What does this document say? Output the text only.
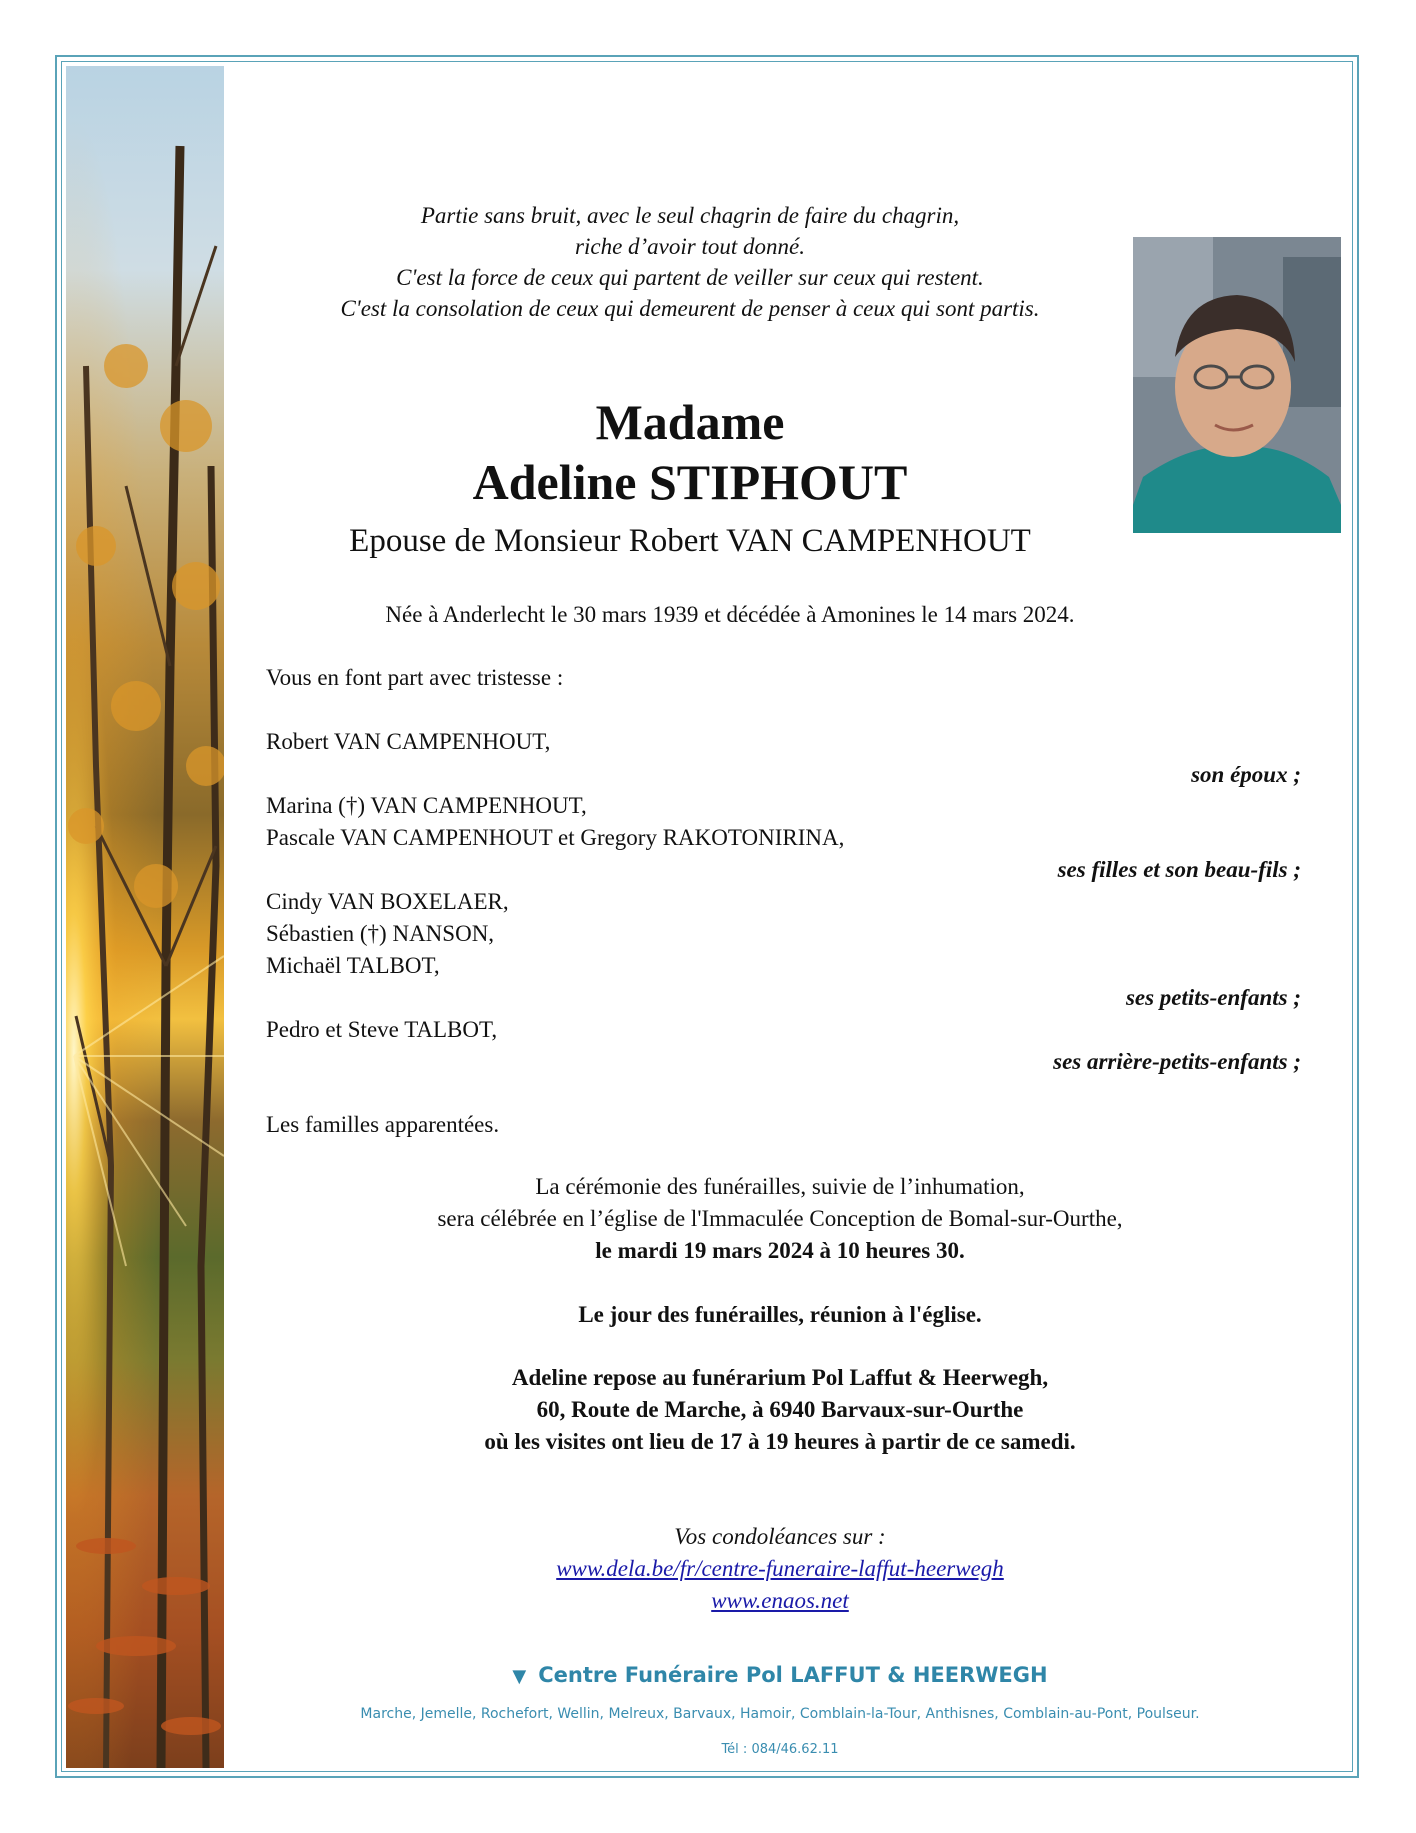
Partie sans bruit, avec le seul chagrin de faire du chagrin,
riche d’avoir tout donné.
C'est la force de ceux qui partent de veiller sur ceux qui restent.
C'est la consolation de ceux qui demeurent de penser à ceux qui sont partis.
Madame
Adeline STIPHOUT
Epouse de Monsieur Robert VAN CAMPENHOUT
Née à Anderlecht le 30 mars 1939 et décédée à Amonines le 14 mars 2024.
Vous en font part avec tristesse :
Robert VAN CAMPENHOUT,
son époux ;
Marina (†) VAN CAMPENHOUT,
Pascale VAN CAMPENHOUT et Gregory RAKOTONIRINA,
ses filles et son beau-fils ;
Cindy VAN BOXELAER,
Sébastien (†) NANSON,
Michaël TALBOT,
ses petits-enfants ;
Pedro et Steve TALBOT,
ses arrière-petits-enfants ;
Les familles apparentées.
La cérémonie des funérailles, suivie de l’inhumation,
sera célébrée en l’église de l'Immaculée Conception de Bomal-sur-Ourthe,
le mardi 19 mars 2024 à 10 heures 30.
Le jour des funérailles, réunion à l'église.
Adeline repose au funérarium Pol Laffut & Heerwegh,
60, Route de Marche, à 6940 Barvaux-sur-Ourthe
où les visites ont lieu de 17 à 19 heures à partir de ce samedi.
Vos condoléances sur :
www.dela.be/fr/centre-funeraire-laffut-heerwegh
www.enaos.net
▼ Centre Funéraire Pol LAFFUT & HEERWEGH
Marche, Jemelle, Rochefort, Wellin, Melreux, Barvaux, Hamoir, Comblain-la-Tour, Anthisnes, Comblain-au-Pont, Poulseur.
Tél : 084/46.62.11
